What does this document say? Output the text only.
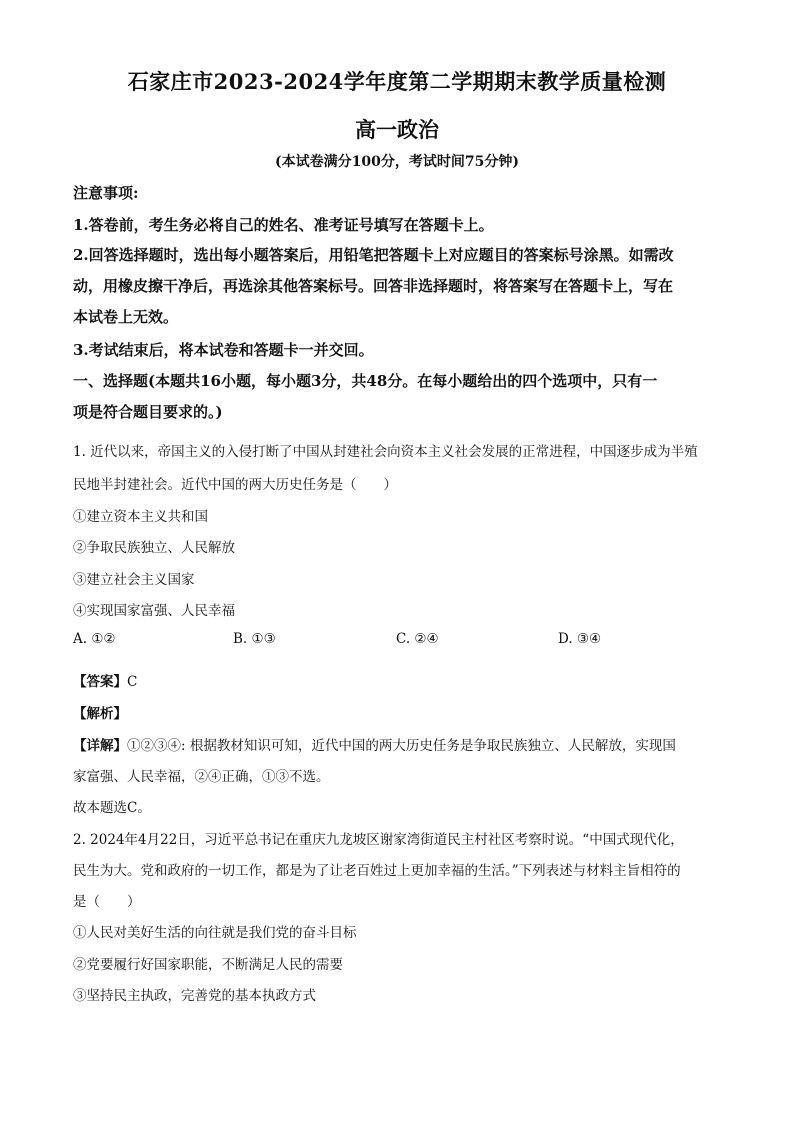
石家庄市2023-2024学年度第二学期期末教学质量检测
高一政治
(本试卷满分100分，考试时间75分钟)
注意事项:
1.答卷前，考生务必将自己的姓名、准考证号填写在答题卡上。
2.回答选择题时，选出每小题答案后，用铅笔把答题卡上对应题目的答案标号涂黑。如需改
动，用橡皮擦干净后，再选涂其他答案标号。回答非选择题时，将答案写在答题卡上，写在
本试卷上无效。
3.考试结束后，将本试卷和答题卡一并交回。
一、选择题(本题共16小题，每小题3分，共48分。在每小题给出的四个选项中，只有一
项是符合题目要求的。)
1. 近代以来，帝国主义的入侵打断了中国从封建社会向资本主义社会发展的正常进程，中国逐步成为半殖
民地半封建社会。近代中国的两大历史任务是（　　）
①建立资本主义共和国
②争取民族独立、人民解放
③建立社会主义国家
④实现国家富强、人民幸福
A. ①②	B. ①③	C. ②④	D. ③④
【答案】C
【解析】
【详解】①②③④: 根据教材知识可知，近代中国的两大历史任务是争取民族独立、人民解放，实现国
家富强、人民幸福，②④正确，①③不选。
故本题选C。
2. 2024年4月22日，习近平总书记在重庆九龙坡区谢家湾街道民主村社区考察时说。“中国式现代化，
民生为大。党和政府的一切工作，都是为了让老百姓过上更加幸福的生活。”下列表述与材料主旨相符的
是（　　）
①人民对美好生活的向往就是我们党的奋斗目标
②党要履行好国家职能，不断满足人民的需要
③坚持民主执政，完善党的基本执政方式
